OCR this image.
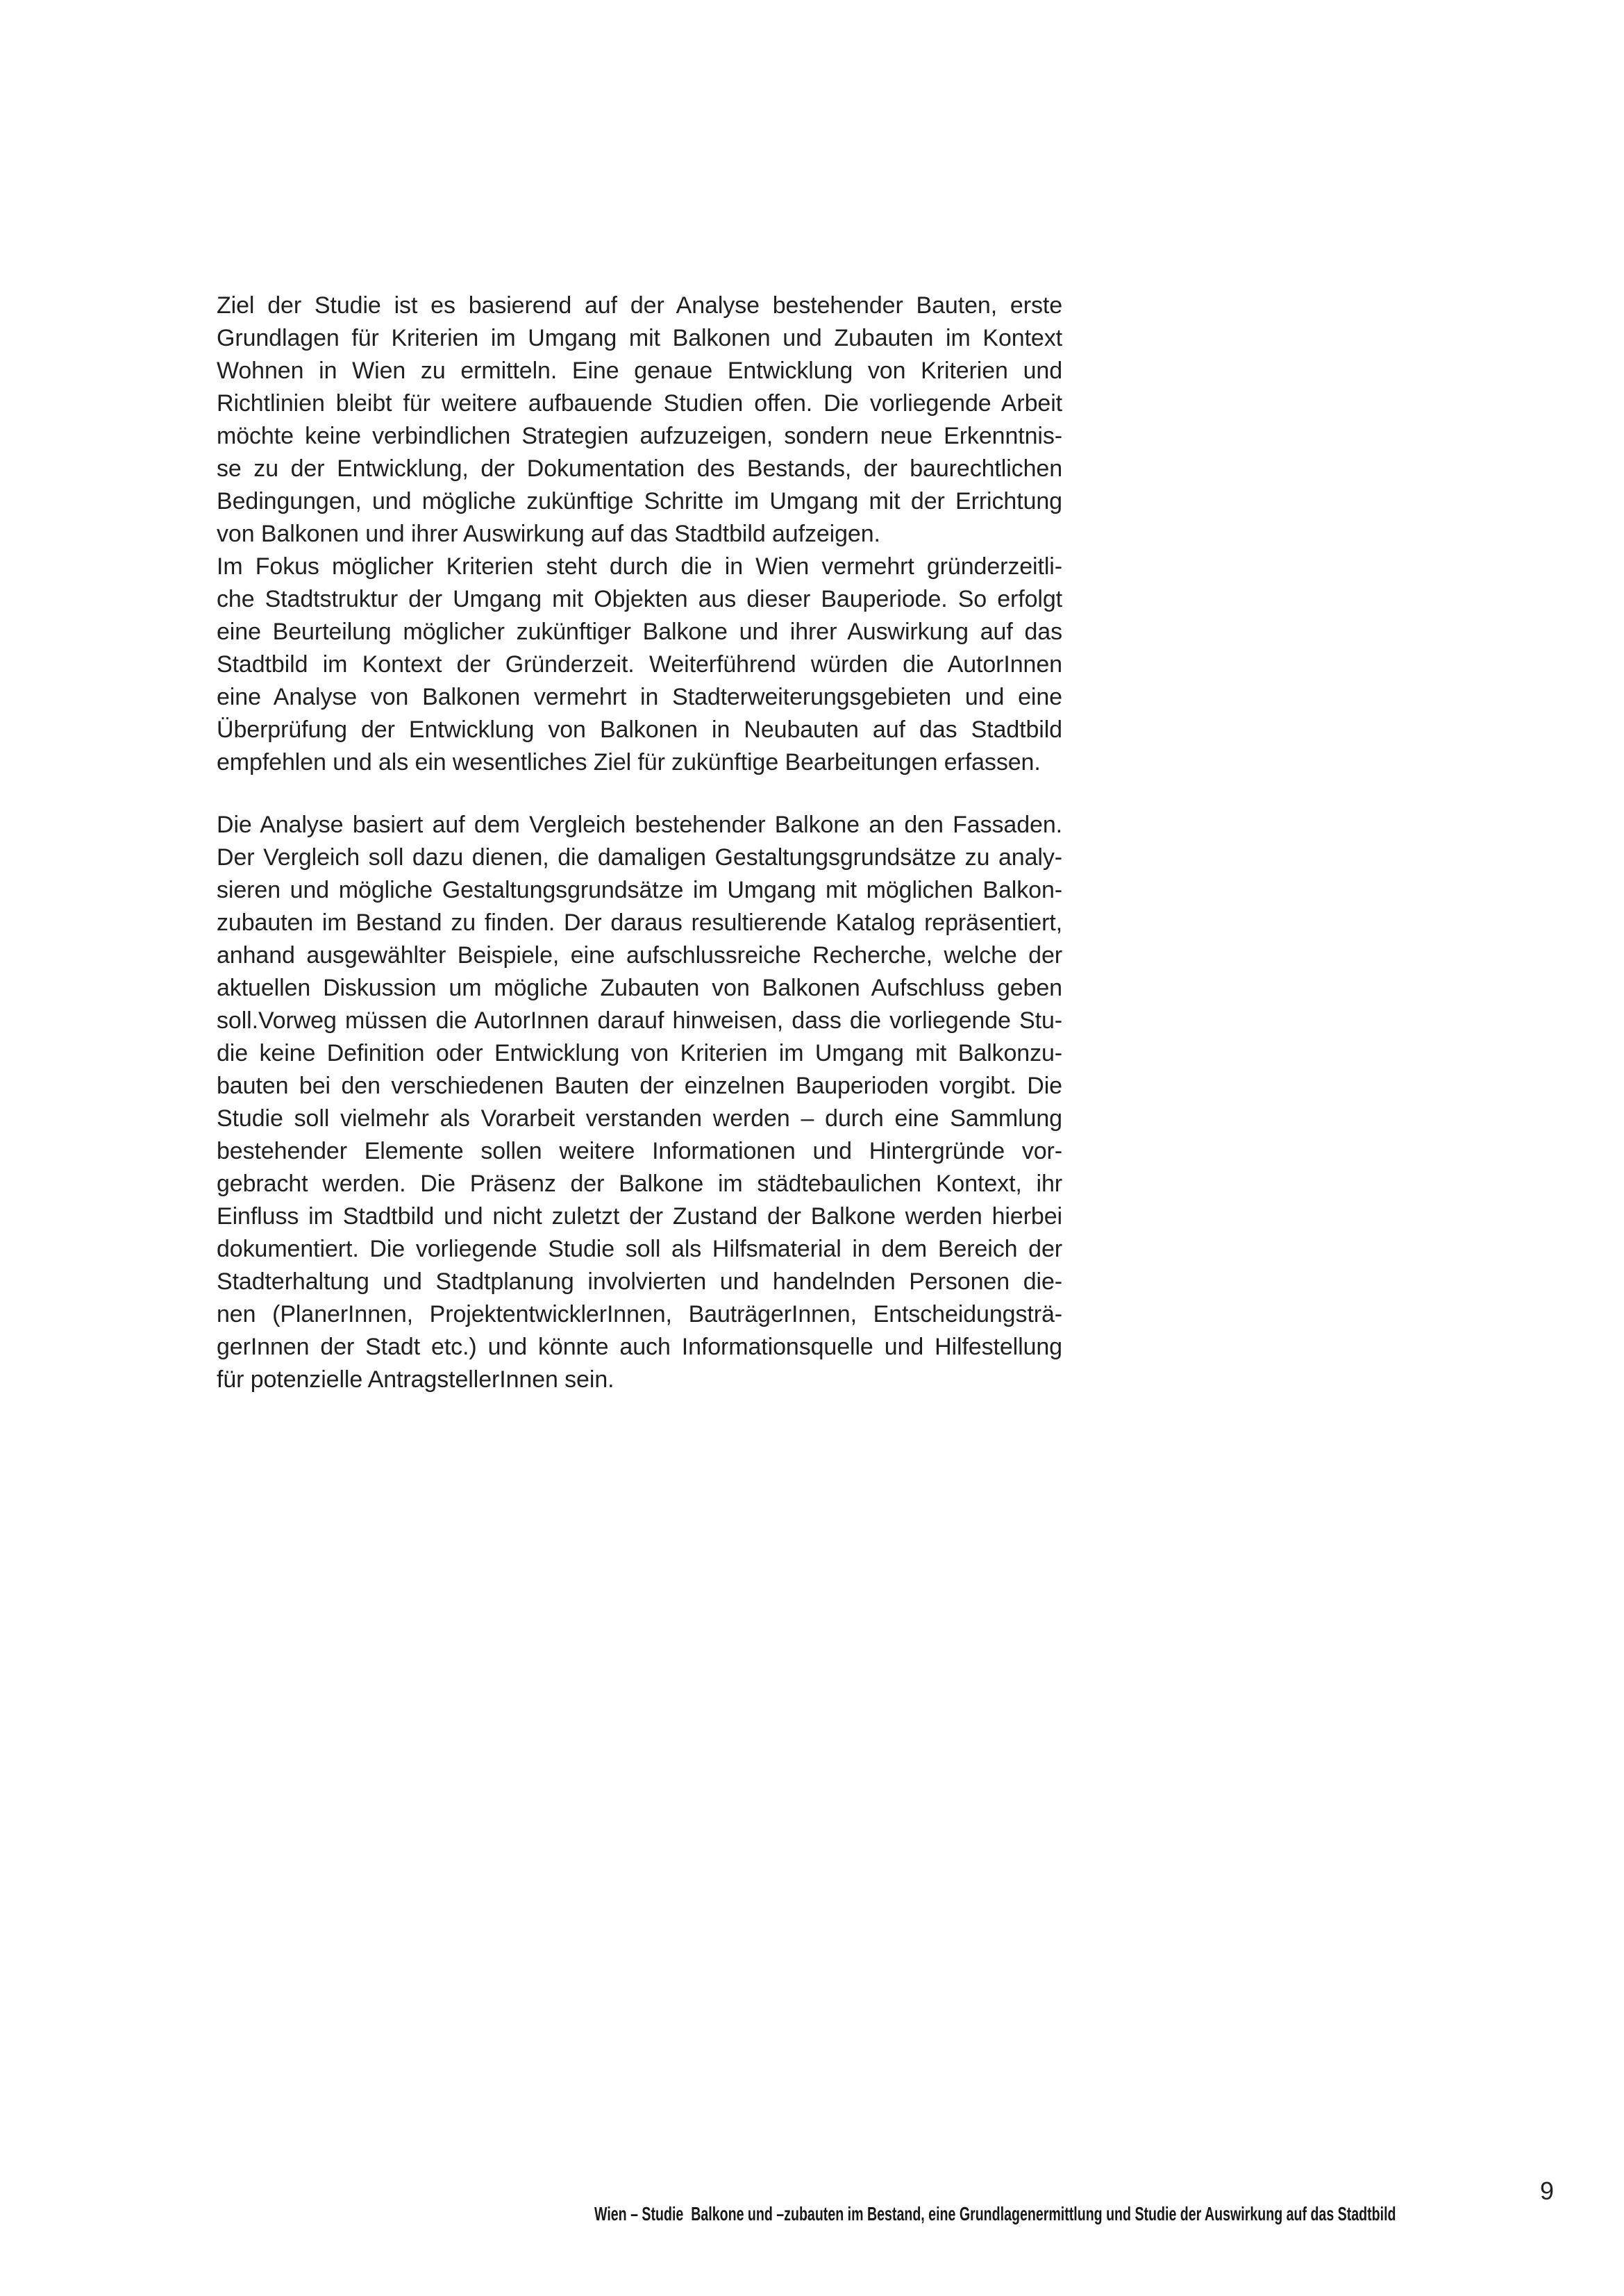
Ziel der Studie ist es basierend auf der Analyse bestehender Bauten, erste
Grundlagen für Kriterien im Umgang mit Balkonen und Zubauten im Kontext
Wohnen in Wien zu ermitteln. Eine genaue Entwicklung von Kriterien und
Richtlinien bleibt für weitere aufbauende Studien offen. Die vorliegende Arbeit
möchte keine verbindlichen Strategien aufzuzeigen, sondern neue Erkenntnis-
se zu der Entwicklung, der Dokumentation des Bestands, der baurechtlichen
Bedingungen, und mögliche zukünftige Schritte im Umgang mit der Errichtung
von Balkonen und ihrer Auswirkung auf das Stadtbild aufzeigen.
Im Fokus möglicher Kriterien steht durch die in Wien vermehrt gründerzeitli-
che Stadtstruktur der Umgang mit Objekten aus dieser Bauperiode. So erfolgt
eine Beurteilung möglicher zukünftiger Balkone und ihrer Auswirkung auf das
Stadtbild im Kontext der Gründerzeit. Weiterführend würden die AutorInnen
eine Analyse von Balkonen vermehrt in Stadterweiterungsgebieten und eine
Überprüfung der Entwicklung von Balkonen in Neubauten auf das Stadtbild
empfehlen und als ein wesentliches Ziel für zukünftige Bearbeitungen erfassen.
Die Analyse basiert auf dem Vergleich bestehender Balkone an den Fassaden.
Der Vergleich soll dazu dienen, die damaligen Gestaltungsgrundsätze zu analy-
sieren und mögliche Gestaltungsgrundsätze im Umgang mit möglichen Balkon-
zubauten im Bestand zu finden. Der daraus resultierende Katalog repräsentiert,
anhand ausgewählter Beispiele, eine aufschlussreiche Recherche, welche der
aktuellen Diskussion um mögliche Zubauten von Balkonen Aufschluss geben
soll.Vorweg müssen die AutorInnen darauf hinweisen, dass die vorliegende Stu-
die keine Definition oder Entwicklung von Kriterien im Umgang mit Balkonzu-
bauten bei den verschiedenen Bauten der einzelnen Bauperioden vorgibt. Die
Studie soll vielmehr als Vorarbeit verstanden werden – durch eine Sammlung
bestehender Elemente sollen weitere Informationen und Hintergründe vor-
gebracht werden. Die Präsenz der Balkone im städtebaulichen Kontext, ihr
Einfluss im Stadtbild und nicht zuletzt der Zustand der Balkone werden hierbei
dokumentiert. Die vorliegende Studie soll als Hilfsmaterial in dem Bereich der
Stadterhaltung und Stadtplanung involvierten und handelnden Personen die-
nen (PlanerInnen, ProjektentwicklerInnen, BauträgerInnen, Entscheidungsträ-
gerInnen der Stadt etc.) und könnte auch Informationsquelle und Hilfestellung
für potenzielle AntragstellerInnen sein.
Wien – Studie  Balkone und –zubauten im Bestand, eine Grundlagenermittlung und Studie der Auswirkung auf das Stadtbild
9
